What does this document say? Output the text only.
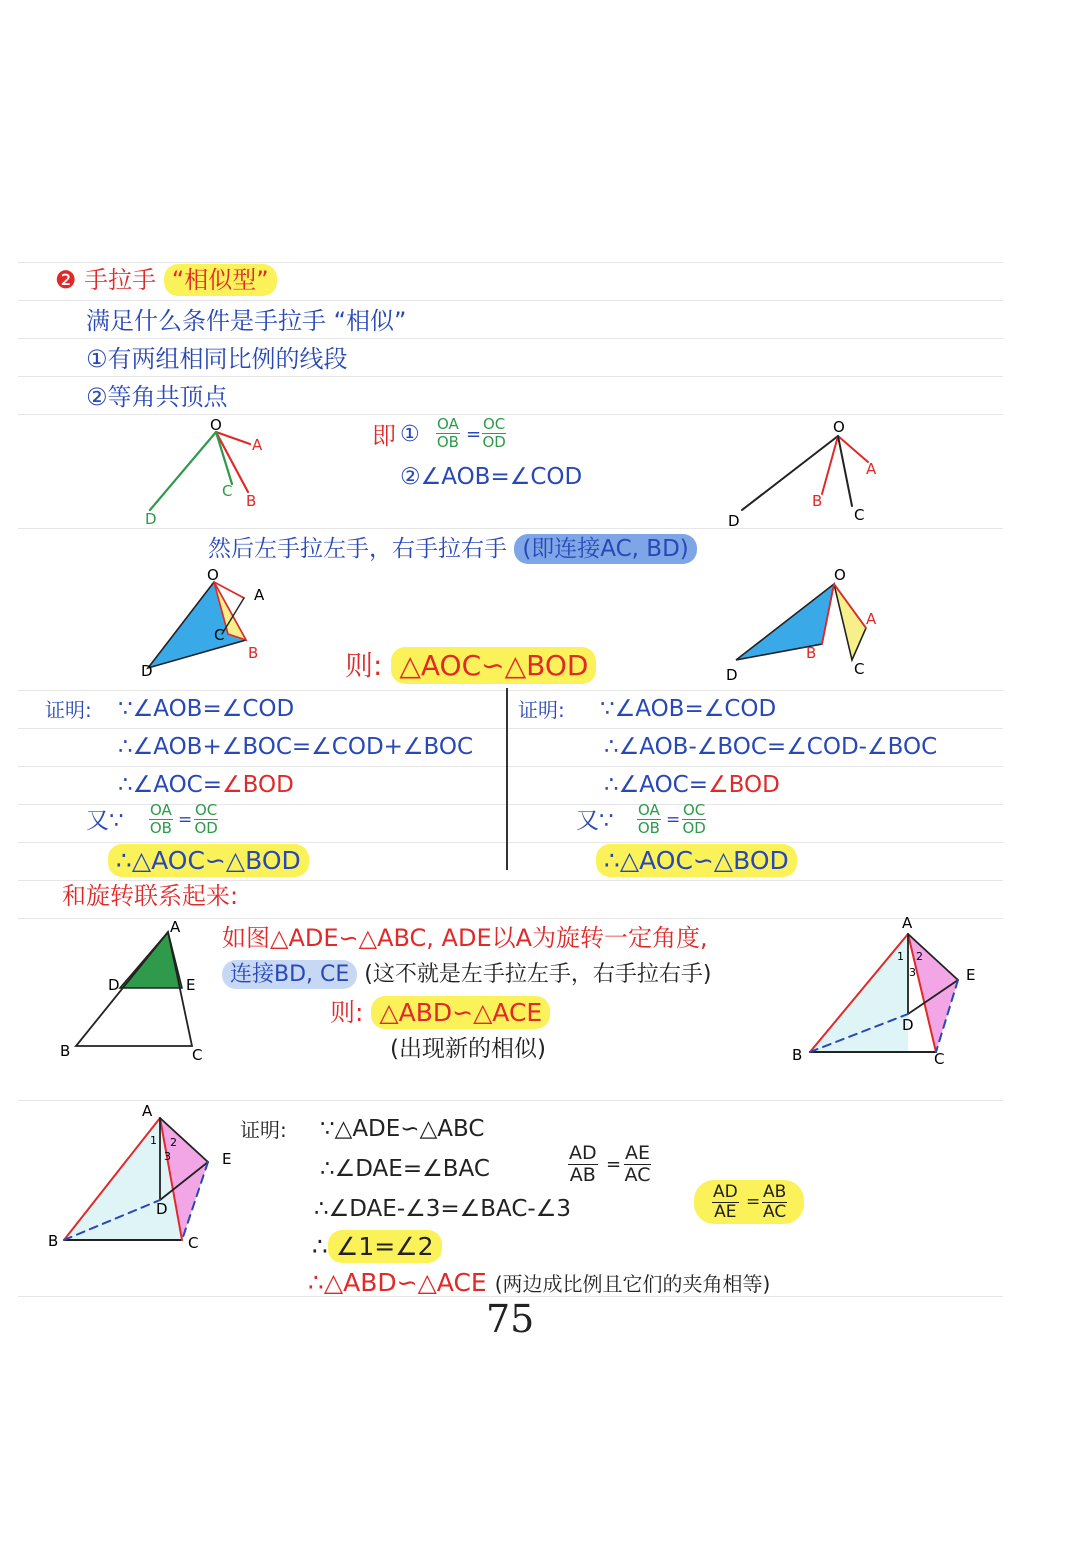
❷ 手拉手 “相似型”
满足什么条件是手拉手 “相似”
①有两组相同比例的线段
②等角共顶点
即 ① $\frac{OA}{OB} = \frac{OC}{OD}$
②∠AOB=∠COD
然后左手拉左手，右手拉右手 (即连接AC, BD)
则: △AOC∽△BOD
证明: ∵∠AOB=∠COD
∴∠AOB+∠BOC=∠COD+∠BOC
∴∠AOC=∠BOD
又∵ $\frac{OA}{OB} = \frac{OC}{OD}$
∴△AOC∽△BOD
证明: ∵∠AOB=∠COD
∴∠AOB-∠BOC=∠COD-∠BOC
∴∠AOC=∠BOD
又∵ $\frac{OA}{OB} = \frac{OC}{OD}$
∴△AOC∽△BOD
和旋转联系起来:
如图△ADE∽△ABC, ADE以A为旋转一定角度,
连接BD, CE (这不就是左手拉左手，右手拉右手)
则: △ABD∽△ACE
(出现新的相似)
证明: ∵△ADE∽△ABC
∴∠DAE=∠BAC	$\frac{AD}{AB} = \frac{AE}{AC}$
∴∠DAE-∠3=∠BAC-∠3	$\frac{AD}{AE} = \frac{AB}{AC}$
∴ ∠1=∠2
∴△ABD∽△ACE (两边成比例且它们的夹角相等)
75
O
A
B
C
D
O
A
B
C
D
O
A
B
C
D
O
A
B
C
D
A
D	E
B	C
A
E
D
B	C
1 2
3
A
E
D
B	C
1 2
3
